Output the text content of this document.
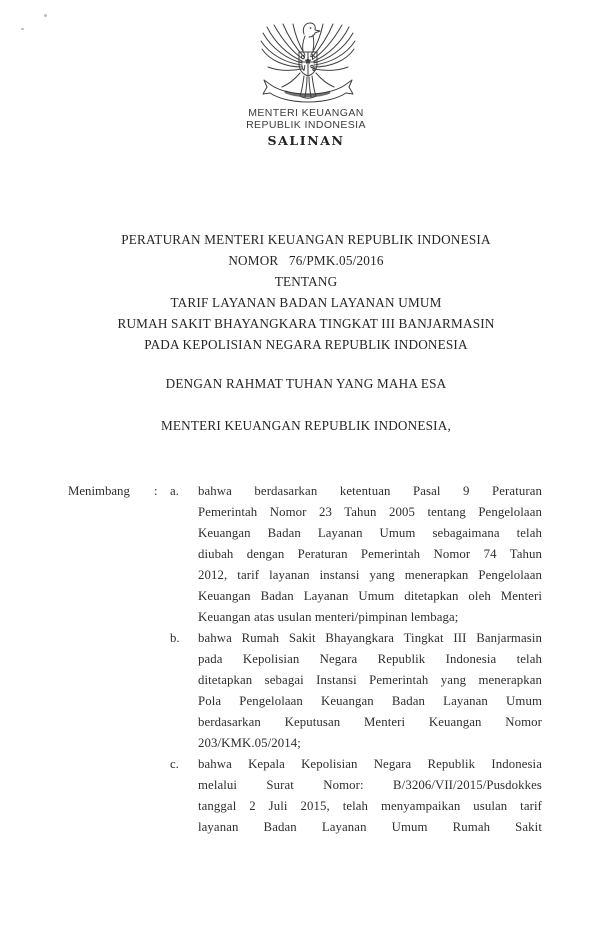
MENTERI KEUANGAN
REPUBLIK INDONESIA
SALINAN
PERATURAN MENTERI KEUANGAN REPUBLIK INDONESIA
NOMOR   76/PMK.05/2016
TENTANG
TARIF LAYANAN BADAN LAYANAN UMUM
RUMAH SAKIT BHAYANGKARA TINGKAT III BANJARMASIN
PADA KEPOLISIAN NEGARA REPUBLIK INDONESIA
DENGAN RAHMAT TUHAN YANG MAHA ESA
MENTERI KEUANGAN REPUBLIK INDONESIA,
Menimbang : a.	bahwa berdasarkan ketentuan Pasal 9 Peraturan
Pemerintah Nomor 23 Tahun 2005 tentang Pengelolaan
Keuangan Badan Layanan Umum sebagaimana telah
diubah dengan Peraturan Pemerintah Nomor 74 Tahun
2012, tarif layanan instansi yang menerapkan Pengelolaan
Keuangan Badan Layanan Umum ditetapkan oleh Menteri
Keuangan atas usulan menteri/pimpinan lembaga;
b.	bahwa Rumah Sakit Bhayangkara Tingkat III Banjarmasin
pada Kepolisian Negara Republik Indonesia telah
ditetapkan sebagai Instansi Pemerintah yang menerapkan
Pola Pengelolaan Keuangan Badan Layanan Umum
berdasarkan Keputusan Menteri Keuangan Nomor
203/KMK.05/2014;
c.	bahwa Kepala Kepolisian Negara Republik Indonesia
melalui Surat Nomor: B/3206/VII/2015/Pusdokkes
tanggal 2 Juli 2015, telah menyampaikan usulan tarif
layanan Badan Layanan Umum Rumah Sakit
